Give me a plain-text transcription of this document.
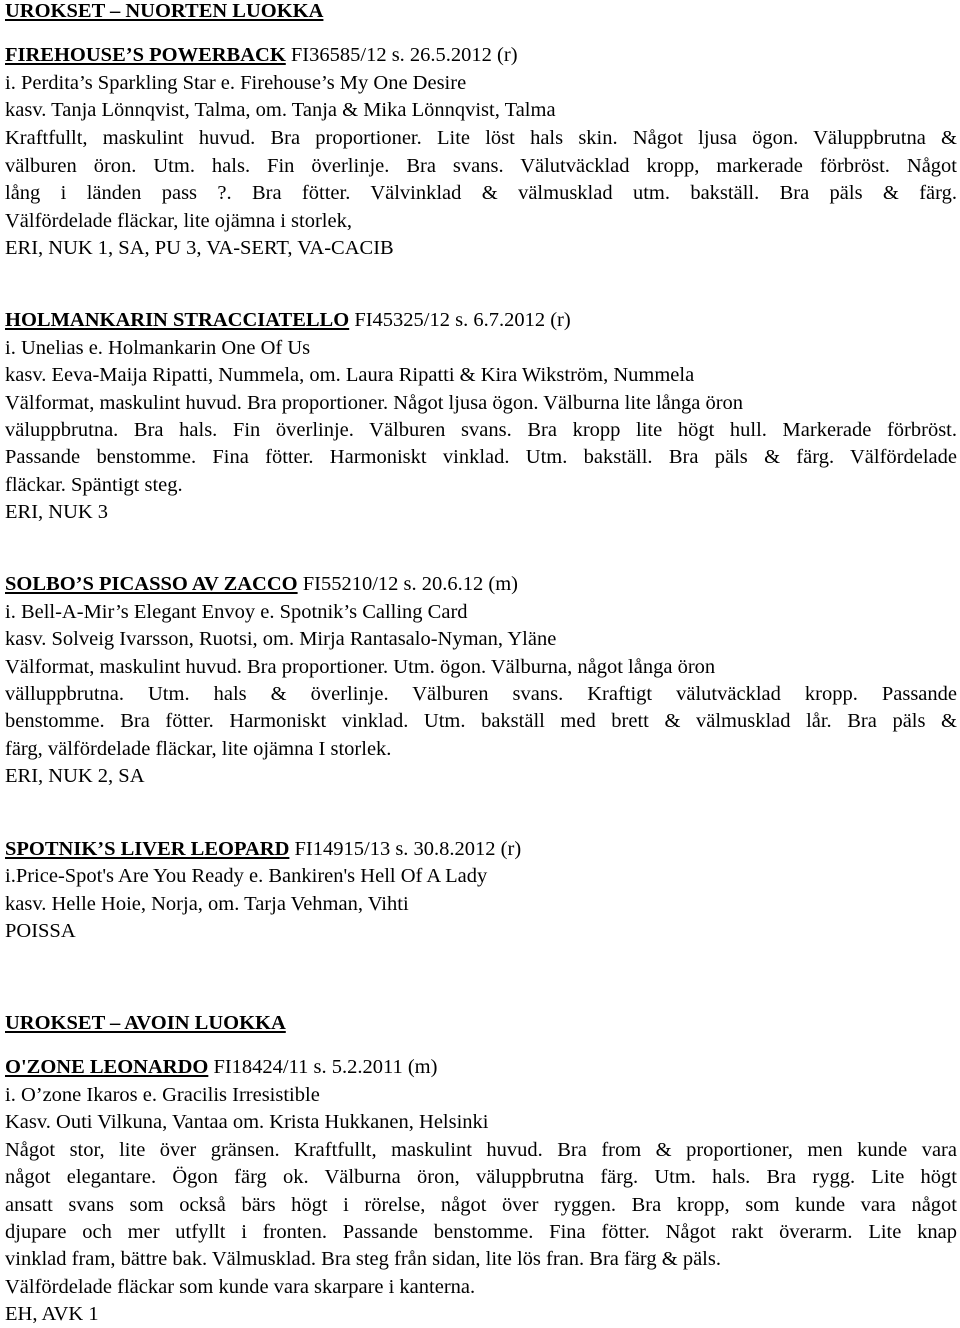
UROKSET – NUORTEN LUOKKA
FIREHOUSE’S POWERBACK FI36585/12 s. 26.5.2012 (r)
i. Perdita’s Sparkling Star e. Firehouse’s My One Desire
kasv. Tanja Lönnqvist, Talma, om. Tanja & Mika Lönnqvist, Talma
Kraftfullt, maskulint huvud. Bra proportioner. Lite löst hals skin. Något ljusa ögon. Väluppbrutna &
välburen öron. Utm. hals. Fin överlinje. Bra svans. Välutväcklad kropp, markerade förbröst. Något
lång i länden pass ?. Bra fötter. Välvinklad & välmusklad utm. bakställ. Bra päls & färg.
Välfördelade fläckar, lite ojämna i storlek,
ERI, NUK 1, SA, PU 3, VA-SERT, VA-CACIB
HOLMANKARIN STRACCIATELLO FI45325/12 s. 6.7.2012 (r)
i. Unelias e. Holmankarin One Of Us
kasv. Eeva-Maija Ripatti, Nummela, om. Laura Ripatti & Kira Wikström, Nummela
Välformat, maskulint huvud. Bra proportioner. Något ljusa ögon. Välburna lite långa öron
väluppbrutna. Bra hals. Fin överlinje. Välburen svans. Bra kropp lite högt hull. Markerade förbröst.
Passande benstomme. Fina fötter. Harmoniskt vinklad. Utm. bakställ. Bra päls & färg. Välfördelade
fläckar. Späntigt steg.
ERI, NUK 3
SOLBO’S PICASSO AV ZACCO FI55210/12 s. 20.6.12 (m)
i. Bell-A-Mir’s Elegant Envoy e. Spotnik’s Calling Card
kasv. Solveig Ivarsson, Ruotsi, om. Mirja Rantasalo-Nyman, Yläne
Välformat, maskulint huvud. Bra proportioner. Utm. ögon. Välburna, något långa öron
välluppbrutna. Utm. hals & överlinje. Välburen svans. Kraftigt välutväcklad kropp. Passande
benstomme. Bra fötter. Harmoniskt vinklad. Utm. bakställ med brett & välmusklad lår. Bra päls &
färg, välfördelade fläckar, lite ojämna I storlek.
ERI, NUK 2, SA
SPOTNIK’S LIVER LEOPARD FI14915/13 s. 30.8.2012 (r)
i.Price-Spot's Are You Ready e. Bankiren's Hell Of A Lady
kasv. Helle Hoie, Norja, om. Tarja Vehman, Vihti
POISSA
UROKSET – AVOIN LUOKKA
O'ZONE LEONARDO FI18424/11 s. 5.2.2011 (m)
i. O’zone Ikaros e. Gracilis Irresistible
Kasv. Outi Vilkuna, Vantaa om. Krista Hukkanen, Helsinki
Något stor, lite över gränsen. Kraftfullt, maskulint huvud. Bra from & proportioner, men kunde vara
något elegantare. Ögon färg ok. Välburna öron, väluppbrutna färg. Utm. hals. Bra rygg. Lite högt
ansatt svans som också bärs högt i rörelse, något över ryggen. Bra kropp, som kunde vara något
djupare och mer utfyllt i fronten. Passande benstomme. Fina fötter. Något rakt överarm. Lite knap
vinklad fram, bättre bak. Välmusklad. Bra steg från sidan, lite lös fran. Bra färg & päls.
Välfördelade fläckar som kunde vara skarpare i kanterna.
EH, AVK 1
